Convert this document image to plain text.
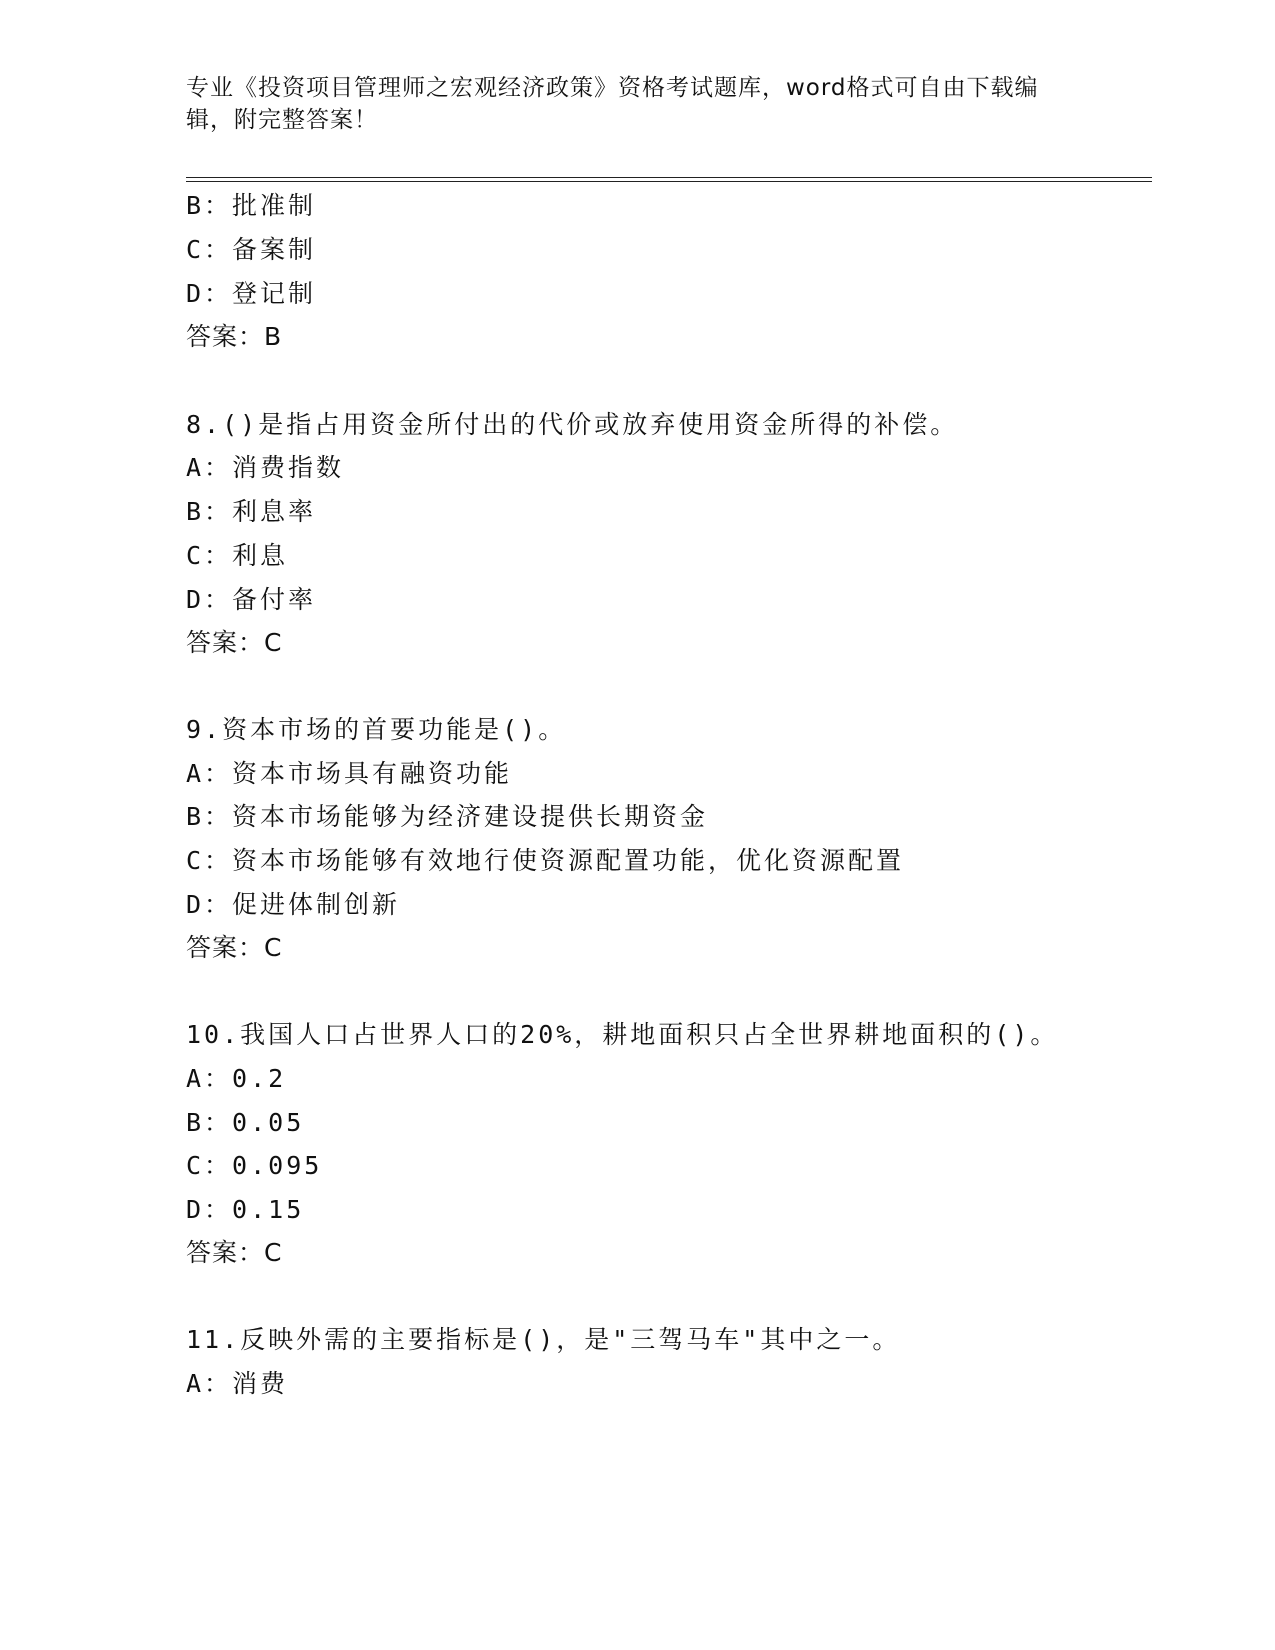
专业《投资项目管理师之宏观经济政策》资格考试题库，word格式可自由下载编辑，附完整答案！
B：批准制
C：备案制
D：登记制
答案：B
8.()是指占用资金所付出的代价或放弃使用资金所得的补偿。
A：消费指数
B：利息率
C：利息
D：备付率
答案：C
9.资本市场的首要功能是()。
A：资本市场具有融资功能
B：资本市场能够为经济建设提供长期资金
C：资本市场能够有效地行使资源配置功能，优化资源配置
D：促进体制创新
答案：C
10.我国人口占世界人口的20%，耕地面积只占全世界耕地面积的()。
A：0.2
B：0.05
C：0.095
D：0.15
答案：C
11.反映外需的主要指标是()，是"三驾马车"其中之一。
A：消费
